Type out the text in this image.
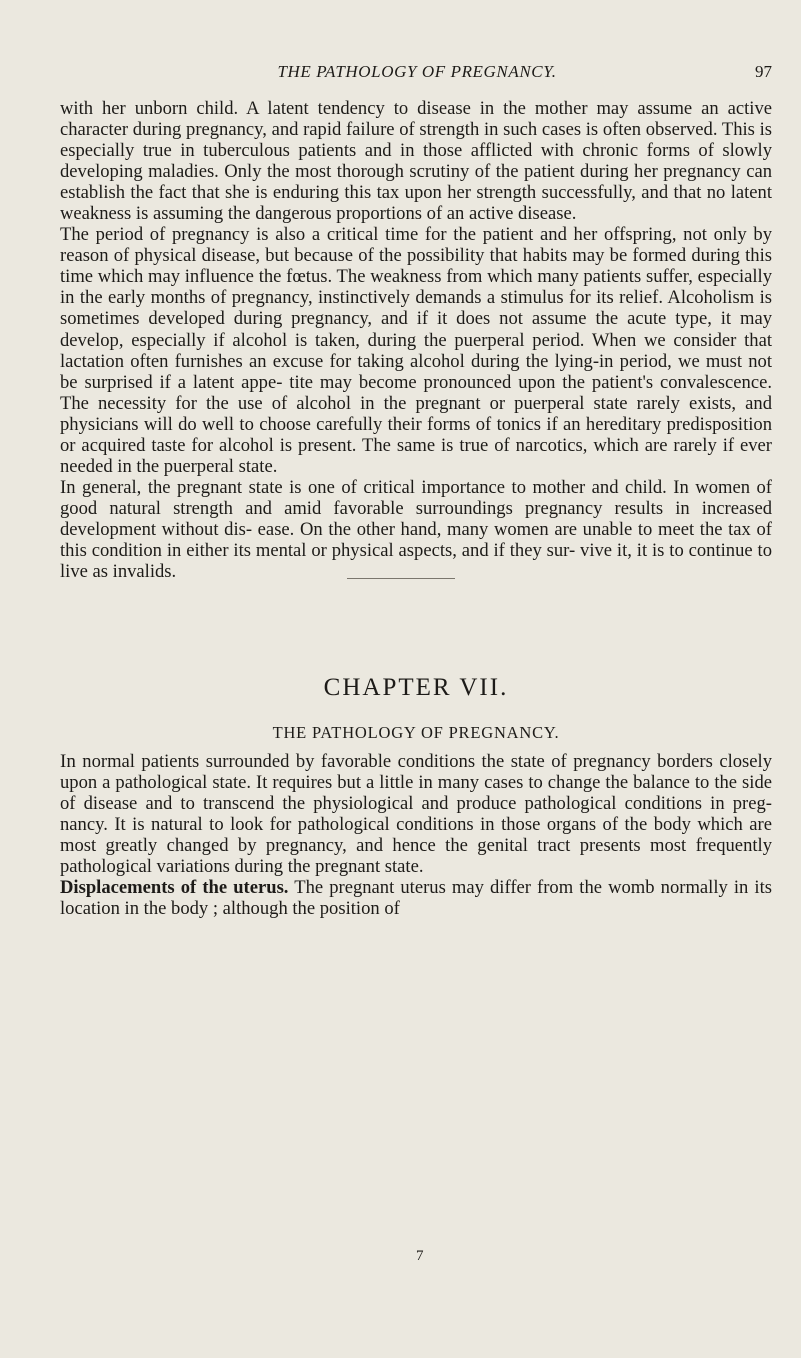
THE PATHOLOGY OF PREGNANCY.	97

with her unborn child. A latent tendency to disease in the mother may assume an active character during pregnancy, and rapid failure of strength in such cases is often observed. This is especially true in tuberculous patients and in those afflicted with chronic forms of slowly developing maladies. Only the most thorough scrutiny of the patient during her pregnancy can establish the fact that she is enduring this tax upon her strength successfully, and that no latent weakness is assuming the dangerous proportions of an active disease.

The period of pregnancy is also a critical time for the patient and her offspring, not only by reason of physical disease, but because of the possibility that habits may be formed during this time which may influence the fœtus. The weakness from which many patients suffer, especially in the early months of pregnancy, instinctively demands a stimulus for its relief. Alcoholism is sometimes developed during pregnancy, and if it does not assume the acute type, it may develop, especially if alcohol is taken, during the puerperal period. When we consider that lactation often furnishes an excuse for taking alcohol during the lying-in period, we must not be surprised if a latent appe- tite may become pronounced upon the patient's convalescence. The necessity for the use of alcohol in the pregnant or puerperal state rarely exists, and physicians will do well to choose carefully their forms of tonics if an hereditary predisposition or acquired taste for alcohol is present. The same is true of narcotics, which are rarely if ever needed in the puerperal state.

In general, the pregnant state is one of critical importance to mother and child. In women of good natural strength and amid favorable surroundings pregnancy results in increased development without dis- ease. On the other hand, many women are unable to meet the tax of this condition in either its mental or physical aspects, and if they sur- vive it, it is to continue to live as invalids.

CHAPTER VII.
THE PATHOLOGY OF PREGNANCY.

In normal patients surrounded by favorable conditions the state of pregnancy borders closely upon a pathological state. It requires but a little in many cases to change the balance to the side of disease and to transcend the physiological and produce pathological conditions in preg- nancy. It is natural to look for pathological conditions in those organs of the body which are most greatly changed by pregnancy, and hence the genital tract presents most frequently pathological variations during the pregnant state.

Displacements of the uterus. The pregnant uterus may differ from the womb normally in its location in the body ; although the position of

7
